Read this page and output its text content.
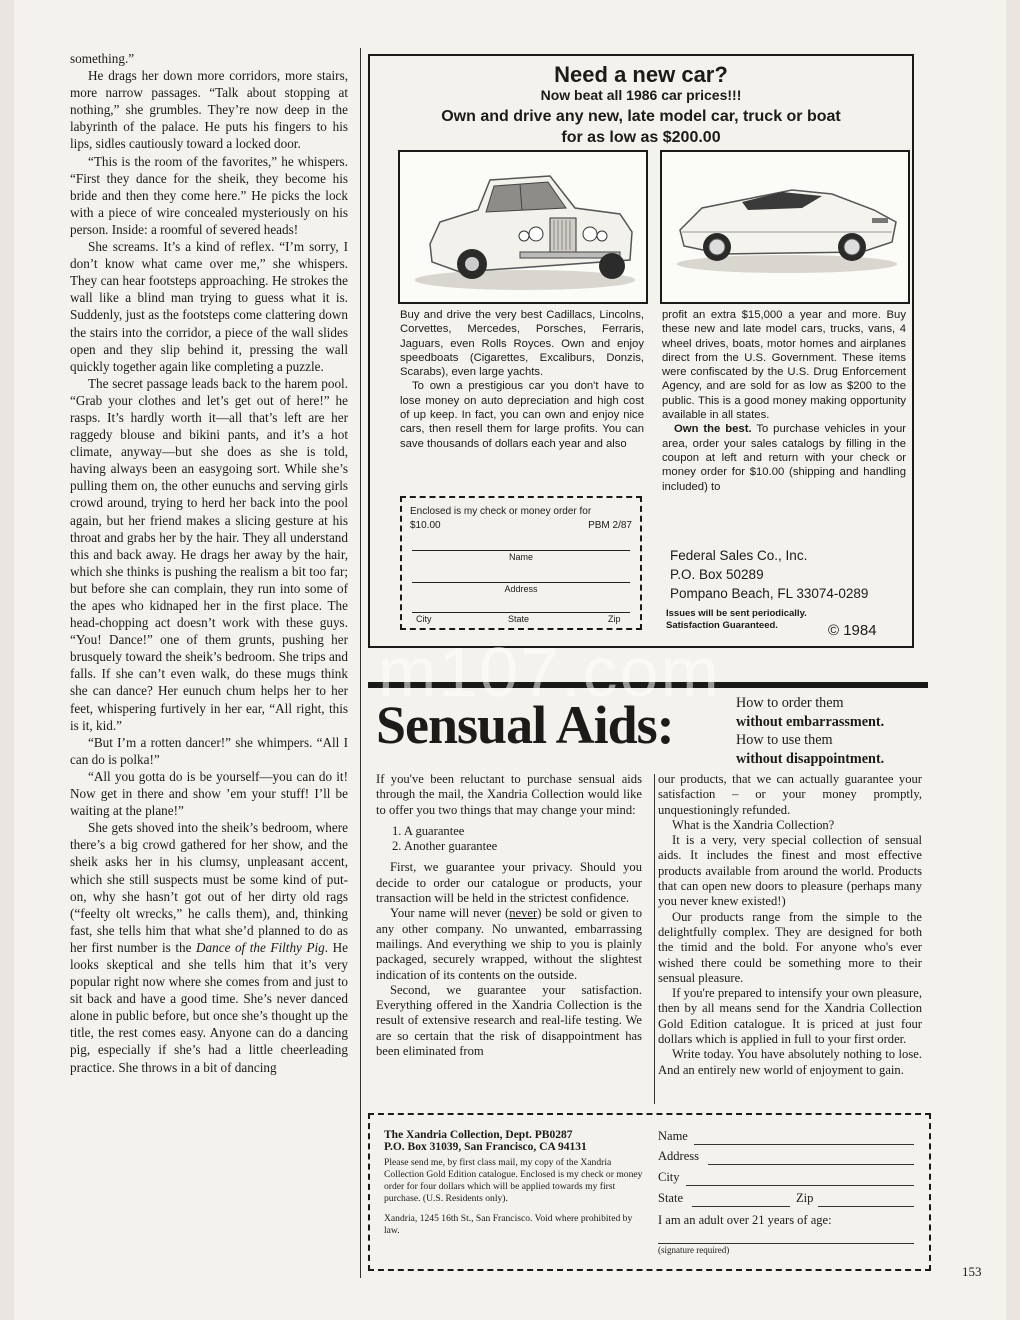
something.”

He drags her down more corridors, more stairs, more narrow passages. “Talk about stopping at nothing,” she grumbles. They’re now deep in the labyrinth of the palace. He puts his fingers to his lips, sidles cautiously toward a locked door.

“This is the room of the favorites,” he whispers. “First they dance for the sheik, they become his bride and then they come here.” He picks the lock with a piece of wire concealed mysteriously on his person. Inside: a roomful of severed heads!

She screams. It’s a kind of reflex. “I’m sorry, I don’t know what came over me,” she whispers. They can hear footsteps approaching. He strokes the wall like a blind man trying to guess what it is. Suddenly, just as the footsteps come clattering down the stairs into the corridor, a piece of the wall slides open and they slip behind it, pressing the wall quickly together again like completing a puzzle.

The secret passage leads back to the harem pool. “Grab your clothes and let’s get out of here!” he rasps. It’s hardly worth it—all that’s left are her raggedy blouse and bikini pants, and it’s a hot climate, anyway—but she does as she is told, having always been an easygoing sort. While she’s pulling them on, the other eunuchs and serving girls crowd around, trying to herd her back into the pool again, but her friend makes a slicing gesture at his throat and grabs her by the hair. They all understand this and back away. He drags her away by the hair, which she thinks is pushing the realism a bit too far; but before she can complain, they run into some of the apes who kidnaped her in the first place. The head-chopping act doesn’t work with these guys. “You! Dance!” one of them grunts, pushing her brusquely toward the sheik’s bedroom. She trips and falls. If she can’t even walk, do these mugs think she can dance? Her eunuch chum helps her to her feet, whispering furtively in her ear, “All right, this is it, kid.”

“But I’m a rotten dancer!” she whimpers. “All I can do is polka!”

“All you gotta do is be yourself—you can do it! Now get in there and show ’em your stuff! I’ll be waiting at the plane!”

She gets shoved into the sheik’s bedroom, where there’s a big crowd gathered for her show, and the sheik asks her in his clumsy, unpleasant accent, which she still suspects must be some kind of put-on, why she hasn’t got out of her dirty old rags (“feelty olt wrecks,” he calls them), and, thinking fast, she tells him that what she’d planned to do as her first number is the Dance of the Filthy Pig. He looks skeptical and she tells him that it’s very popular right now where she comes from and just to sit back and have a good time. She’s never danced alone in public before, but once she’s thought up the title, the rest comes easy. Anyone can do a dancing pig, especially if she’s had a little cheerleading practice. She throws in a bit of dancing

Need a new car?
Now beat all 1986 car prices!!!
Own and drive any new, late model car, truck or boat
for as low as $200.00

Buy and drive the very best Cadillacs, Lincolns, Corvettes, Mercedes, Porsches, Ferraris, Jaguars, even Rolls Royces. Own and enjoy speedboats (Cigarettes, Excaliburs, Donzis, Scarabs), even large yachts.

To own a prestigious car you don't have to lose money on auto depreciation and high cost of up keep. In fact, you can own and enjoy nice cars, then resell them for large profits. You can save thousands of dollars each year and also

profit an extra $15,000 a year and more. Buy these new and late model cars, trucks, vans, 4 wheel drives, boats, motor homes and airplanes direct from the U.S. Government. These items were confiscated by the U.S. Drug Enforcement Agency, and are sold for as low as $200 to the public. This is a good money making opportunity available in all states.

Own the best. To purchase vehicles in your area, order your sales catalogs by filling in the coupon at left and return with your check or money order for $10.00 (shipping and handling included) to

Federal Sales Co., Inc.
P.O. Box 50289
Pompano Beach, FL 33074-0289
Issues will be sent periodically. Satisfaction Guaranteed.	© 1984
Enclosed is my check or money order for
$10.00	PBM 2/87
Name
Address
City	State	Zip
Sensual Aids:	How to order them
without embarrassment.
How to use them
without disappointment.

If you've been reluctant to purchase sensual aids through the mail, the Xandria Collection would like to offer you two things that may change your mind:

1. A guarantee
2. Another guarantee

First, we guarantee your privacy. Should you decide to order our catalogue or products, your transaction will be held in the strictest confidence.

Your name will never (never) be sold or given to any other company. No unwanted, embarrassing mailings. And everything we ship to you is plainly packaged, securely wrapped, without the slightest indication of its contents on the outside.

Second, we guarantee your satisfaction. Everything offered in the Xandria Collection is the result of extensive research and real-life testing. We are so certain that the risk of disappointment has been eliminated from

our products, that we can actually guarantee your satisfaction – or your money promptly, unquestioningly refunded.

What is the Xandria Collection?

It is a very, very special collection of sensual aids. It includes the finest and most effective products available from around the world. Products that can open new doors to pleasure (perhaps many you never knew existed!)

Our products range from the simple to the delightfully complex. They are designed for both the timid and the bold. For anyone who's ever wished there could be something more to their sensual pleasure.

If you're prepared to intensify your own pleasure, then by all means send for the Xandria Collection Gold Edition catalogue. It is priced at just four dollars which is applied in full to your first order.

Write today. You have absolutely nothing to lose. And an entirely new world of enjoyment to gain.

The Xandria Collection, Dept. PB0287
P.O. Box 31039, San Francisco, CA 94131
Please send me, by first class mail, my copy of the Xandria Collection Gold Edition catalogue. Enclosed is my check or money order for four dollars which will be applied towards my first purchase. (U.S. Residents only).
Xandria, 1245 16th St., San Francisco. Void where prohibited by law.
Name
Address
City
State	Zip
I am an adult over 21 years of age:
(signature required)
153
m107.com
